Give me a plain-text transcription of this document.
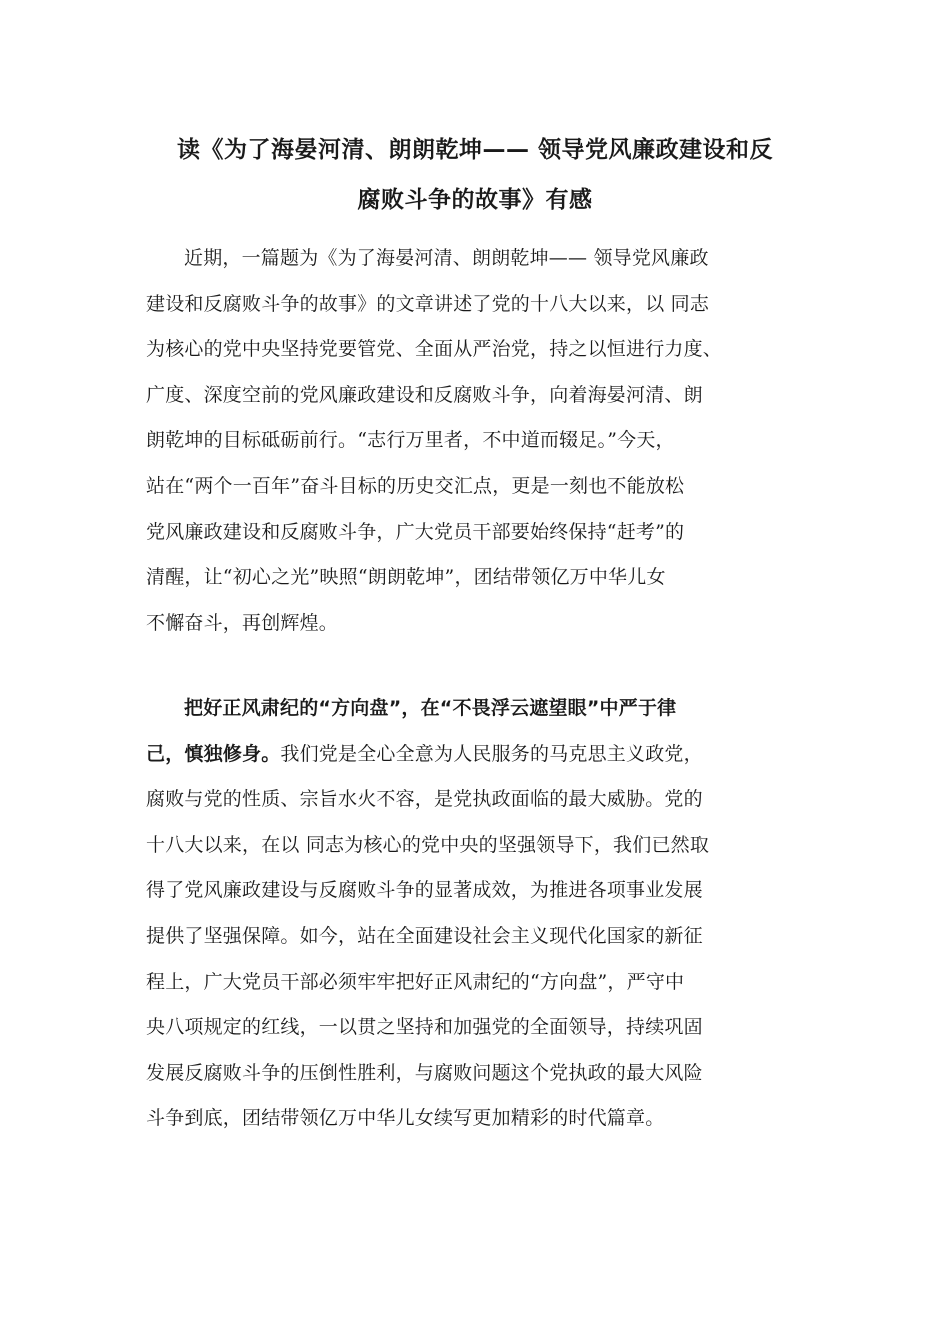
读《为了海晏河清、朗朗乾坤—— 领导党风廉政建设和反
腐败斗争的故事》有感

近期，一篇题为《为了海晏河清、朗朗乾坤—— 领导党风廉政
建设和反腐败斗争的故事》的文章讲述了党的十八大以来，以 同志
为核心的党中央坚持党要管党、全面从严治党，持之以恒进行力度、
广度、深度空前的党风廉政建设和反腐败斗争，向着海晏河清、朗
朗乾坤的目标砥砺前行。“志行万里者，不中道而辍足。”今天，
站在“两个一百年”奋斗目标的历史交汇点，更是一刻也不能放松
党风廉政建设和反腐败斗争，广大党员干部要始终保持“赶考”的
清醒，让“初心之光”映照“朗朗乾坤”，团结带领亿万中华儿女
不懈奋斗，再创辉煌。

把好正风肃纪的“方向盘”，在“不畏浮云遮望眼”中严于律
己，慎独修身。我们党是全心全意为人民服务的马克思主义政党，
腐败与党的性质、宗旨水火不容，是党执政面临的最大威胁。党的
十八大以来，在以 同志为核心的党中央的坚强领导下，我们已然取
得了党风廉政建设与反腐败斗争的显著成效，为推进各项事业发展
提供了坚强保障。如今，站在全面建设社会主义现代化国家的新征
程上，广大党员干部必须牢牢把好正风肃纪的“方向盘”，严守中
央八项规定的红线，一以贯之坚持和加强党的全面领导，持续巩固
发展反腐败斗争的压倒性胜利，与腐败问题这个党执政的最大风险
斗争到底，团结带领亿万中华儿女续写更加精彩的时代篇章。
